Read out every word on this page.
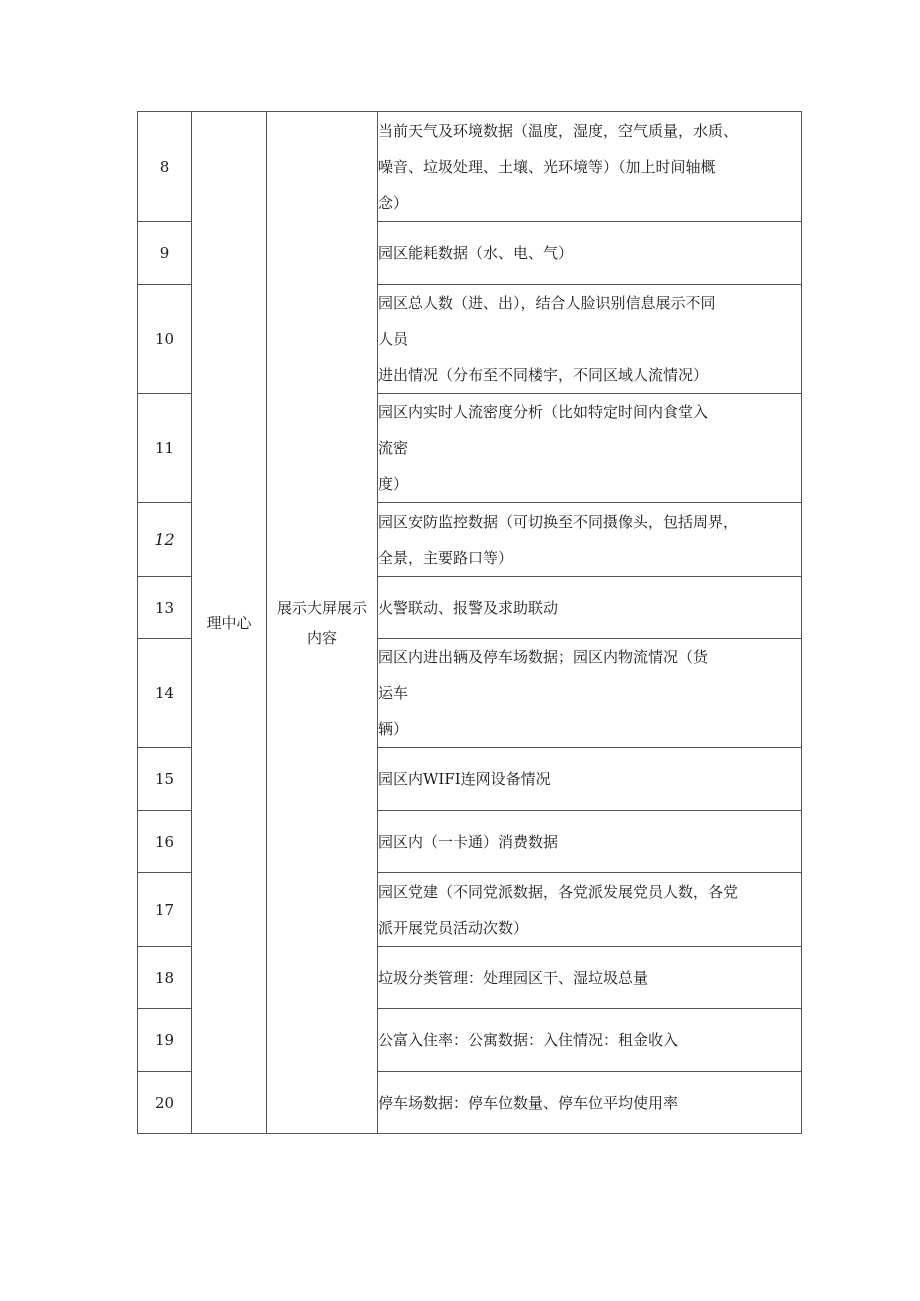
8	理中心	展示大屏展示内容	当前天气及环境数据（温度，湿度，空气质量，水质、
噪音、垃圾处理、土壤、光环境等）（加上时间轴概
念）

9			园区能耗数据（水、电、气）

10			园区总人数（进、出），结合人脸识别信息展示不同
人员
进出情况（分布至不同楼宇，不同区域人流情况）

11			园区内实时人流密度分析（比如特定时间内食堂入
流密
度）

12			园区安防监控数据（可切换至不同摄像头，包括周界，
全景，主要路口等）

13			火警联动、报警及求助联动

14			园区内进出辆及停车场数据；园区内物流情况（货
运车
辆）

15			园区内WIFI连网设备情况

16			园区内（一卡通）消费数据

17			园区党建（不同党派数据，各党派发展党员人数，各党
派开展党员活动次数）

18			垃圾分类管理：处理园区干、湿垃圾总量

19			公富入住率：公寓数据：入住情况：租金收入

20			停车场数据：停车位数量、停车位平均使用率
